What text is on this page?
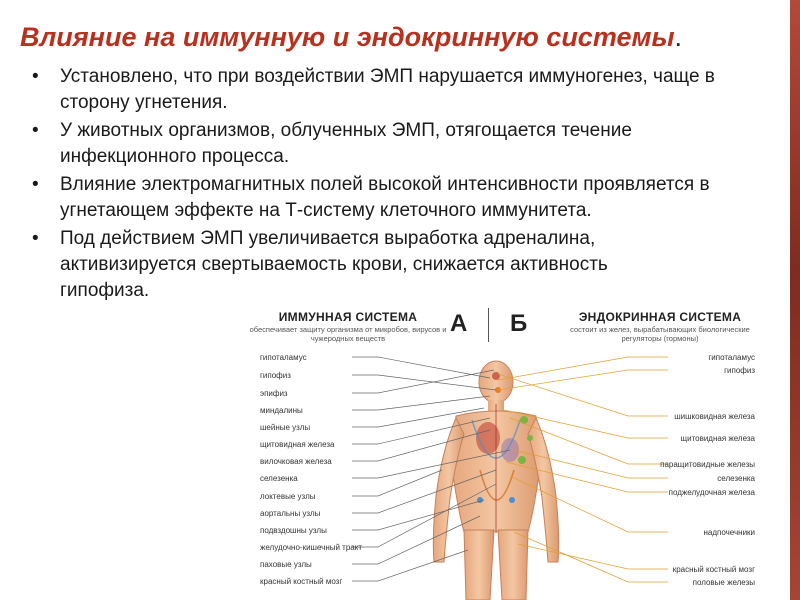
Влияние на иммунную и эндокринную системы.
• Установлено, что при воздействии ЭМП нарушается иммуногенез, чаще в сторону угнетения.
• У животных организмов, облученных ЭМП, отягощается течение инфекционного процесса.
• Влияние электромагнитных полей высокой интенсивности проявляется в угнетающем эффекте на Т-систему клеточного иммунитета.
• Под действием ЭМП увеличивается выработка адреналина, активизируется свертываемость крови, снижается активность гипофиза.
ИММУННАЯ СИСТЕМА
обеспечивает защиту организма от микробов, вирусов и чужеродных веществ
А Б	ЭНДОКРИННАЯ СИСТЕМА
состоит из желез, вырабатывающих биологические регуляторы (гормоны)
гипоталамус
гипофиз
эпифиз
миндалины
шейные узлы
щитовидная железа
вилочковая железа
селезенка
локтевые узлы
аортальны узлы
подвздошны узлы
желудочно-кишечный тракт
паховые узлы
красный костный мозг
гипоталамус
гипофиз
шишковидная железа
щитовидная железа
паращитовидные железы
селезенка
поджелудочная железа
надпочечники
красный костный мозг
половые железы
